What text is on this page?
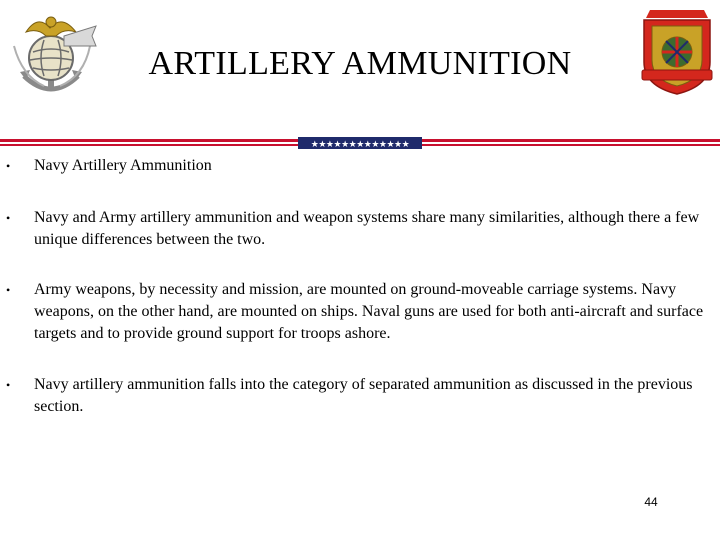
ARTILLERY AMMUNITION
★★★★★★★★★★★★★
•	Navy Artillery Ammunition
•	Navy and Army artillery ammunition and weapon systems share many similarities, although there a few unique differences between the two.
•	Army weapons, by necessity and mission, are mounted on ground-moveable carriage systems. Navy weapons, on the other hand, are mounted on ships. Naval guns are used for both anti-aircraft and surface targets and to provide ground support for troops ashore.
•	Navy artillery ammunition falls into the category of separated ammunition as discussed in the previous section.
44
